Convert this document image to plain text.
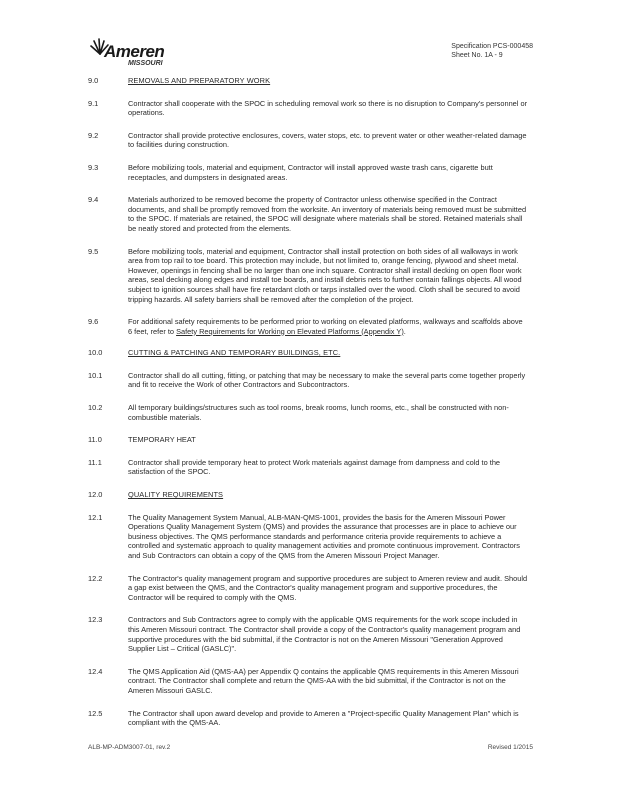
Ameren
MISSOURI
Specification PCS-000458
Sheet No. 1A - 9
9.0	REMOVALS AND PREPARATORY WORK
9.1	Contractor shall cooperate with the SPOC in scheduling removal work so there is no disruption to Company's personnel or operations.
9.2	Contractor shall provide protective enclosures, covers, water stops, etc. to prevent water or other weather-related damage to facilities during construction.
9.3	Before mobilizing tools, material and equipment, Contractor will install approved waste trash cans, cigarette butt receptacles, and dumpsters in designated areas.
9.4	Materials authorized to be removed become the property of Contractor unless otherwise specified in the Contract documents, and shall be promptly removed from the worksite. An inventory of materials being removed must be submitted to the SPOC. If materials are retained, the SPOC will designate where materials shall be stored. Retained materials shall be neatly stored and protected from the elements.
9.5	Before mobilizing tools, material and equipment, Contractor shall install protection on both sides of all walkways in work area from top rail to toe board. This protection may include, but not limited to, orange fencing, plywood and sheet metal. However, openings in fencing shall be no larger than one inch square. Contractor shall install decking on open floor work areas, seal decking along edges and install toe boards, and install debris nets to further contain fallings objects. All wood subject to ignition sources shall have fire retardant cloth or tarps installed over the wood. Cloth shall be secured to avoid tripping hazards. All safety barriers shall be removed after the completion of the project.
9.6	For additional safety requirements to be performed prior to working on elevated platforms, walkways and scaffolds above 6 feet, refer to Safety Requirements for Working on Elevated Platforms (Appendix Y).
10.0	CUTTING & PATCHING AND TEMPORARY BUILDINGS, ETC.
10.1	Contractor shall do all cutting, fitting, or patching that may be necessary to make the several parts come together properly and fit to receive the Work of other Contractors and Subcontractors.
10.2	All temporary buildings/structures such as tool rooms, break rooms, lunch rooms, etc., shall be constructed with non-combustible materials.
11.0	TEMPORARY HEAT
11.1	Contractor shall provide temporary heat to protect Work materials against damage from dampness and cold to the satisfaction of the SPOC.
12.0	QUALITY REQUIREMENTS
12.1	The Quality Management System Manual, ALB-MAN-QMS-1001, provides the basis for the Ameren Missouri Power Operations Quality Management System (QMS) and provides the assurance that processes are in place to achieve our business objectives. The QMS performance standards and performance criteria provide requirements to achieve a controlled and systematic approach to quality management activities and promote continuous improvement. Contractors and Sub Contractors can obtain a copy of the QMS from the Ameren Missouri Project Manager.
12.2	The Contractor's quality management program and supportive procedures are subject to Ameren review and audit. Should a gap exist between the QMS, and the Contractor's quality management program and supportive procedures, the Contractor will be required to comply with the QMS.
12.3	Contractors and Sub Contractors agree to comply with the applicable QMS requirements for the work scope included in this Ameren Missouri contract. The Contractor shall provide a copy of the Contractor's quality management program and supportive procedures with the bid submittal, if the Contractor is not on the Ameren Missouri "Generation Approved Supplier List – Critical (GASLC)".
12.4	The QMS Application Aid (QMS-AA) per Appendix Q contains the applicable QMS requirements in this Ameren Missouri contract. The Contractor shall complete and return the QMS-AA with the bid submittal, if the Contractor is not on the Ameren Missouri GASLC.
12.5	The Contractor shall upon award develop and provide to Ameren a "Project-specific Quality Management Plan" which is compliant with the QMS-AA.
ALB-MP-ADM3007-01, rev.2	Revised 1/2015
